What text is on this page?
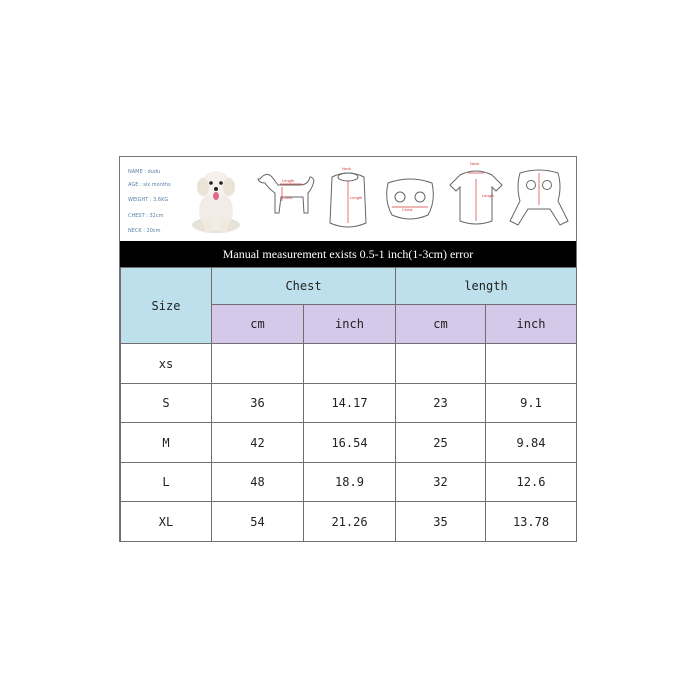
NAME : dudu
AGE : six months
WEIGHT : 3.6KG
CHEST : 32cm
NECK : 20cm
Length
Chest
Neck
Length
Chest
Neck
Length
Manual measurement exists 0.5-1 inch(1-3cm) error
Size	Chest		length	
	cm	inch	cm	inch
xs				
S	36	14.17	23	9.1
M	42	16.54	25	9.84
L	48	18.9	32	12.6
XL	54	21.26	35	13.78
